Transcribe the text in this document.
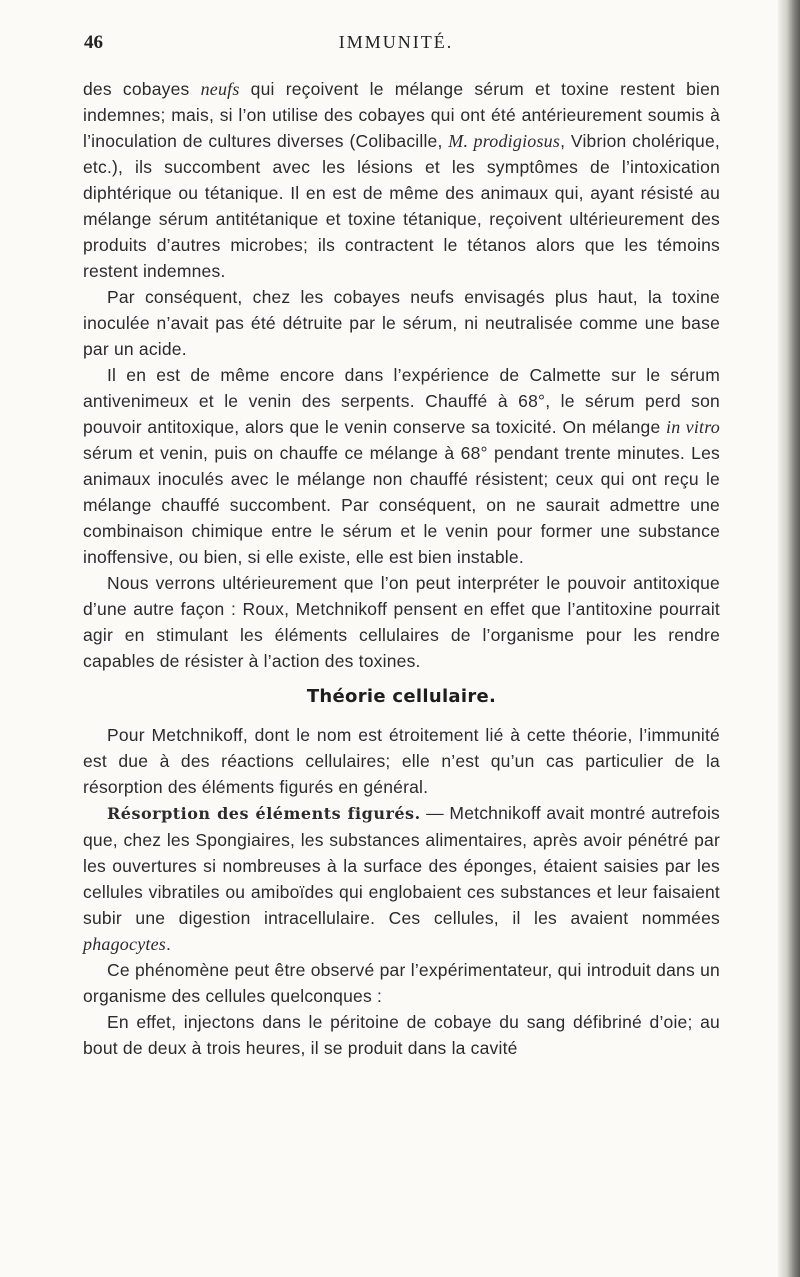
46	IMMUNITÉ.

des cobayes neufs qui reçoivent le mélange sérum et toxine restent bien indemnes; mais, si l’on utilise des cobayes qui ont été antérieurement soumis à l’inoculation de cultures diverses (Colibacille, M. prodigiosus, Vibrion cholérique, etc.), ils succombent avec les lésions et les symptômes de l’intoxication diphtérique ou tétanique. Il en est de même des animaux qui, ayant résisté au mélange sérum antitétanique et toxine tétanique, reçoivent ultérieurement des produits d’autres microbes; ils contractent le tétanos alors que les témoins restent indemnes.

Par conséquent, chez les cobayes neufs envisagés plus haut, la toxine inoculée n’avait pas été détruite par le sérum, ni neutralisée comme une base par un acide.

Il en est de même encore dans l’expérience de Calmette sur le sérum antivenimeux et le venin des serpents. Chauffé à 68°, le sérum perd son pouvoir antitoxique, alors que le venin conserve sa toxicité. On mélange in vitro sérum et venin, puis on chauffe ce mélange à 68° pendant trente minutes. Les animaux inoculés avec le mélange non chauffé résistent; ceux qui ont reçu le mélange chauffé succombent. Par conséquent, on ne saurait admettre une combinaison chimique entre le sérum et le venin pour former une substance inoffensive, ou bien, si elle existe, elle est bien instable.

Nous verrons ultérieurement que l’on peut interpréter le pouvoir antitoxique d’une autre façon : Roux, Metchnikoff pensent en effet que l’antitoxine pourrait agir en stimulant les éléments cellulaires de l’organisme pour les rendre capables de résister à l’action des toxines.

Théorie cellulaire.

Pour Metchnikoff, dont le nom est étroitement lié à cette théorie, l’immunité est due à des réactions cellulaires; elle n’est qu’un cas particulier de la résorption des éléments figurés en général.

Résorption des éléments figurés. — Metchnikoff avait montré autrefois que, chez les Spongiaires, les substances alimentaires, après avoir pénétré par les ouvertures si nombreuses à la surface des éponges, étaient saisies par les cellules vibratiles ou amiboïdes qui englobaient ces substances et leur faisaient subir une digestion intracellulaire. Ces cellules, il les avaient nommées phagocytes.

Ce phénomène peut être observé par l’expérimentateur, qui introduit dans un organisme des cellules quelconques :

En effet, injectons dans le péritoine de cobaye du sang défibriné d’oie; au bout de deux à trois heures, il se produit dans la cavité
